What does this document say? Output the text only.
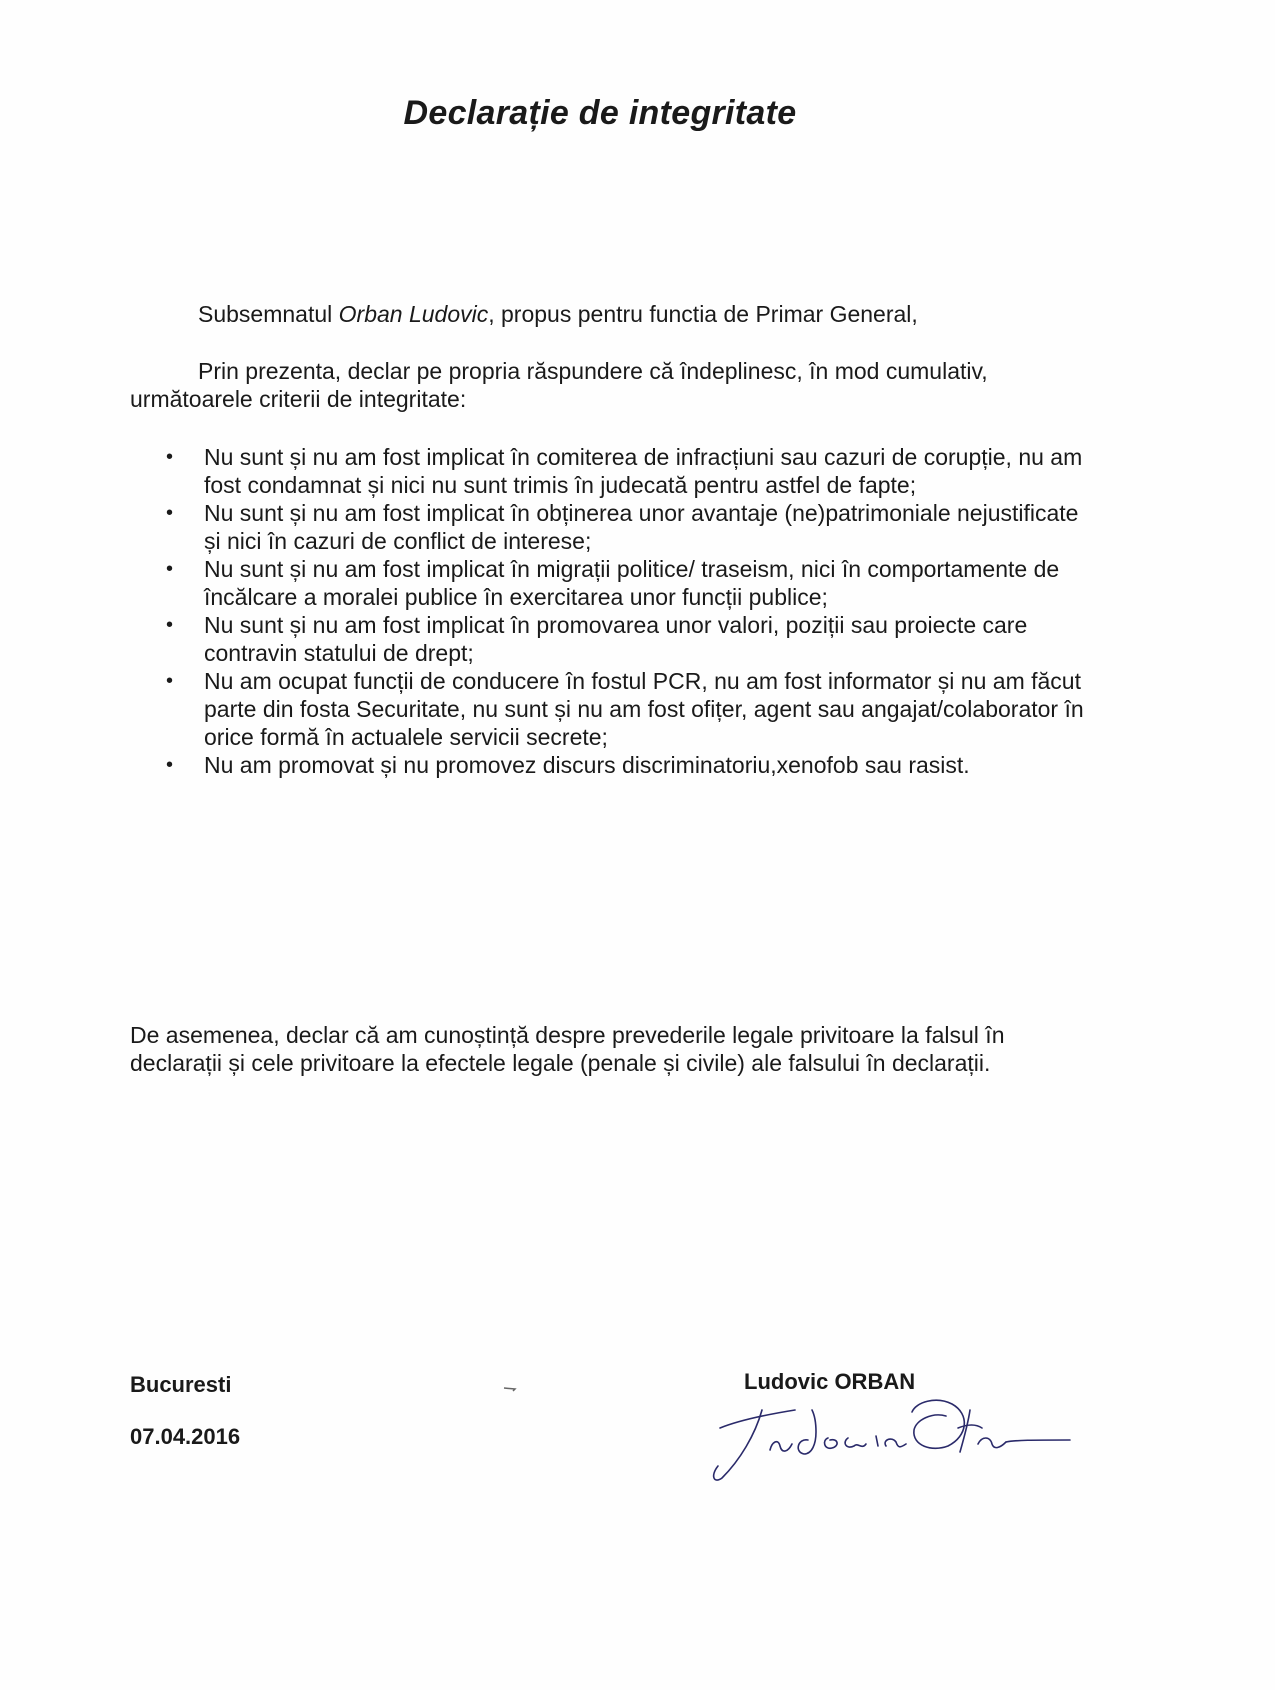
Declarație de integritate
Subsemnatul Orban Ludovic, propus pentru functia de Primar General,
Prin prezenta, declar pe propria răspundere că îndeplinesc, în mod cumulativ, următoarele criterii de integritate:
• Nu sunt și nu am fost implicat în comiterea de infracțiuni sau cazuri de corupție, nu am fost condamnat și nici nu sunt trimis în judecată pentru astfel de fapte;
• Nu sunt și nu am fost implicat în obținerea unor avantaje (ne)patrimoniale nejustificate și nici în cazuri de conflict de interese;
• Nu sunt și nu am fost implicat în migrații politice/ traseism, nici în comportamente de încălcare a moralei publice în exercitarea unor funcții publice;
• Nu sunt și nu am fost implicat în promovarea unor valori, poziții sau proiecte care contravin statului de drept;
• Nu am ocupat funcții de conducere în fostul PCR, nu am fost informator și nu am făcut parte din fosta Securitate, nu sunt și nu am fost ofițer, agent sau angajat/colaborator în orice formă în actualele servicii secrete;
• Nu am promovat și nu promovez discurs discriminatoriu,xenofob sau rasist.
De asemenea, declar că am cunoștință despre prevederile legale privitoare la falsul în declarații și cele privitoare la efectele legale (penale și civile) ale falsului în declarații.
Bucuresti
07.04.2016
Ludovic ORBAN
